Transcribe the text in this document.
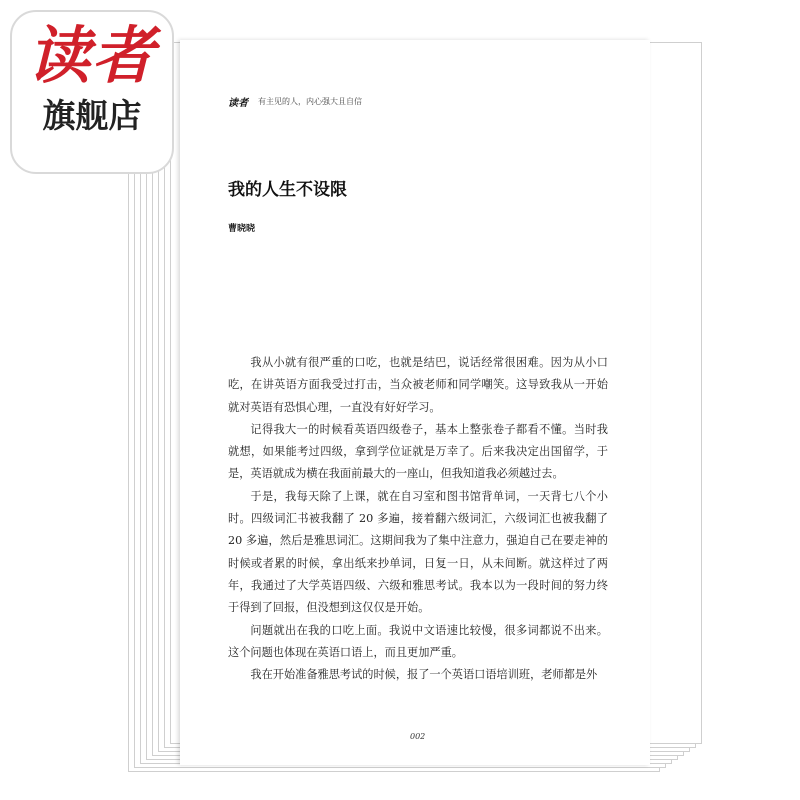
读者 有主见的人，内心强大且自信
我的人生不设限
曹晓晓

我从小就有很严重的口吃，也就是结巴，说话经常很困难。因为从小口吃，在讲英语方面我受过打击，当众被老师和同学嘲笑。这导致我从一开始就对英语有恐惧心理，一直没有好好学习。

记得我大一的时候看英语四级卷子，基本上整张卷子都看不懂。当时我就想，如果能考过四级，拿到学位证就是万幸了。后来我决定出国留学，于是，英语就成为横在我面前最大的一座山，但我知道我必须越过去。

于是，我每天除了上课，就在自习室和图书馆背单词，一天背七八个小时。四级词汇书被我翻了 20 多遍，接着翻六级词汇，六级词汇也被我翻了 20 多遍，然后是雅思词汇。这期间我为了集中注意力，强迫自己在要走神的时候或者累的时候，拿出纸来抄单词，日复一日，从未间断。就这样过了两年，我通过了大学英语四级、六级和雅思考试。我本以为一段时间的努力终于得到了回报，但没想到这仅仅是开始。

问题就出在我的口吃上面。我说中文语速比较慢，很多词都说不出来。这个问题也体现在英语口语上，而且更加严重。

我在开始准备雅思考试的时候，报了一个英语口语培训班，老师都是外

002
读者
旗舰店
